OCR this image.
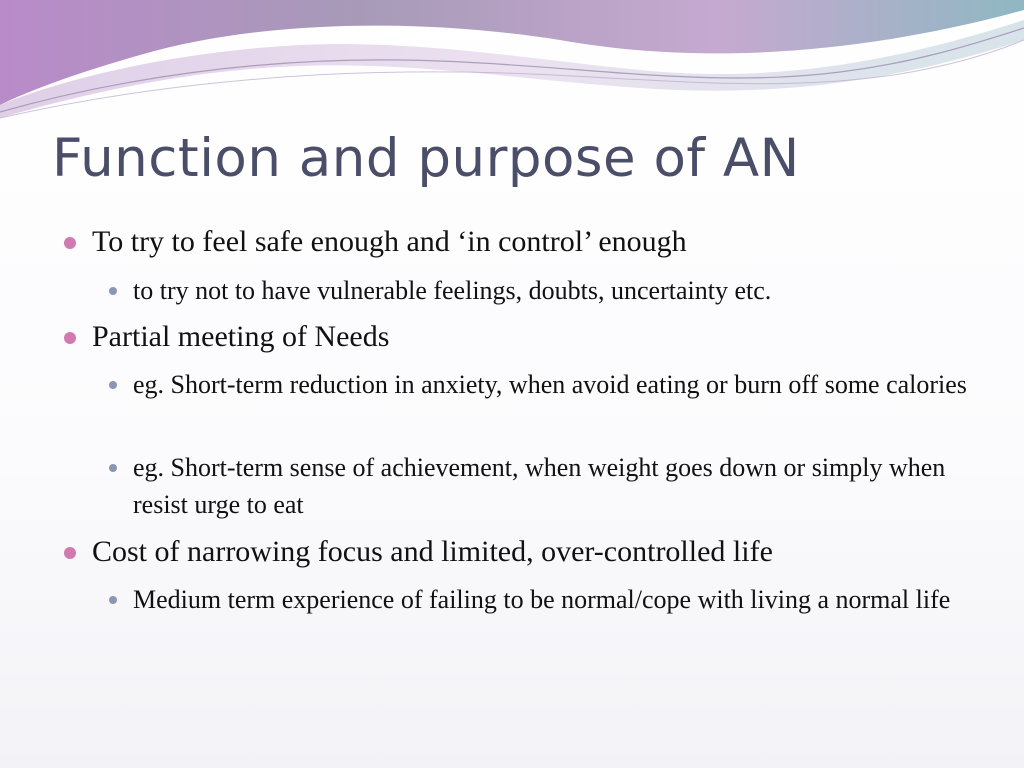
Function and purpose of AN
To try to feel safe enough and ‘in control’ enough
to try not to have vulnerable feelings, doubts, uncertainty etc.
Partial meeting of Needs
eg. Short-term reduction in anxiety, when avoid eating or burn off some calories
eg. Short-term sense of achievement, when weight goes down or simply when resist urge to eat
Cost of narrowing focus and limited, over-controlled life
Medium term experience of failing to be normal/cope with living a normal life
